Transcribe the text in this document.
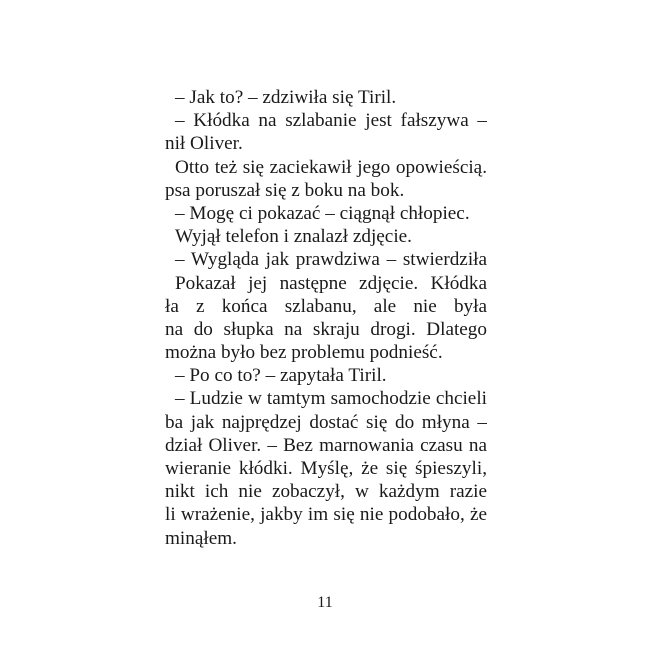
– Jak to? – zdziwiła się Tiril.
– Kłódka na szlabanie jest fałszywa –
nił Oliver.
Otto też się zaciekawił jego opowieścią.
psa poruszał się z boku na bok.
– Mogę ci pokazać – ciągnął chłopiec.
Wyjął telefon i znalazł zdjęcie.
– Wygląda jak prawdziwa – stwierdziła
Pokazał jej następne zdjęcie. Kłódka
ła z końca szlabanu, ale nie była
na do słupka na skraju drogi. Dlatego
można było bez problemu podnieść.
– Po co to? – zapytała Tiril.
– Ludzie w tamtym samochodzie chcieli
ba jak najprędzej dostać się do młyna –
dział Oliver. – Bez marnowania czasu na
wieranie kłódki. Myślę, że się śpieszyli,
nikt ich nie zobaczył, w każdym razie
li wrażenie, jakby im się nie podobało, że
minąłem.
11
